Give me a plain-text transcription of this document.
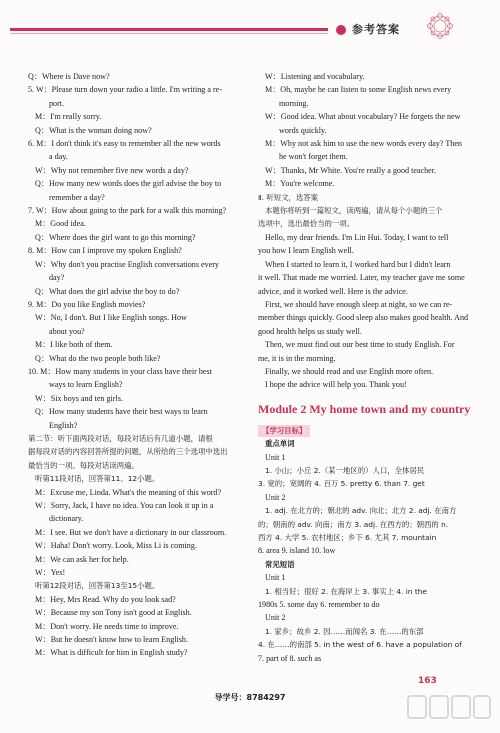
参考答案
Q：Where is Dave now?
5. W：Please turn down your radio a little. I'm writing a re-
port.
M：I'm really sorry.
Q：What is the woman doing now?
6. M：I don't think it's easy to remember all the new words
a day.
W：Why not remember five new words a day?
Q：How many new words does the girl advise the boy to
remember a day?
7. W：How about going to the park for a walk this morning?
M：Good idea.
Q：Where does the girl want to go this morning?
8. M：How can I improve my spoken English?
W：Why don't you practise English conversations every
day?
Q：What does the girl advise the boy to do?
9. M：Do you like English movies?
W：No, I don't. But I like English songs. How
about you?
M：I like both of them.
Q：What do the two people both like?
10. M：How many students in your class have their best
ways to learn English?
W：Six boys and ten girls.
Q：How many students have their best ways to learn
English?
第二节：听下面两段对话，每段对话后有几道小题，请根
据每段对话的内容回答所提的问题，从所给的三个选项中选出
最恰当的一项。每段对话读两遍。
听第11段对话，回答第11、12小题。
M：Excuse me, Linda. What's the meaning of this word?
W：Sorry, Jack, I have no idea. You can look it up in a
dictionary.
M：I see. But we don't have a dictionary in our classroom.
W：Haha! Don't worry. Look, Miss Li is coming.
M：We can ask her for help.
W：Yes!
听第12段对话，回答第13至15小题。
M：Hey, Mrs Read. Why do you look sad?
W：Because my son Tony isn't good at English.
M：Don't worry. He needs time to improve.
W：But he doesn't know how to learn English.
M：What is difficult for him in English study?
W：Listening and vocabulary.
M：Oh, maybe he can listen to some English news every
morning.
W：Good idea. What about vocabulary? He forgets the new
words quickly.
M：Why not ask him to use the new words every day? Then
he won't forget them.
W：Thanks, Mr White. You're really a good teacher.
M：You're welcome.
Ⅱ. 听短文，选答案
本题你将听到一篇短文，读两遍，请从每个小题的三个
选项中，选出最恰当的一项。
Hello, my dear friends. I'm Lin Hui. Today, I want to tell
you how I learn English well.
When I started to learn it, I worked hard but I didn't learn
it well. That made me worried. Later, my teacher gave me some
advice, and it worked well. Here is the advice.
First, we should have enough sleep at night, so we can re-
member things quickly. Good sleep also makes good health. And
good health helps us study well.
Then, we must find out our best time to study English. For
me, it is in the morning.
Finally, we should read and use English more often.
I hope the advice will help you. Thank you!
Module 2 My home town and my country
【学习目标】
重点单词
Unit 1
1. 小山；小丘 2.（某一地区的）人口，全体居民
3. 宽的；宽阔的 4. 百万 5. pretty 6. than 7. get
Unit 2
1. adj. 在北方的；朝北的 adv. 向北；北方 2. adj. 在南方
的；朝南的 adv. 向南；南方 3. adj. 在西方的；朝西的 n.
西方 4. 大学 5. 农村地区；乡下 6. 尤其 7. mountain
8. area 9. island 10. low
常见短语
Unit 1
1. 相当好；很好 2. 在海岸上 3. 事实上 4. in the
1980s 5. some day 6. remember to do
Unit 2
1. 家乡；故乡 2. 因……而闻名 3. 在……的东部
4. 在……的南部 5. in the west of 6. have a population of
7. part of 8. such as
163
导学号：8784297
